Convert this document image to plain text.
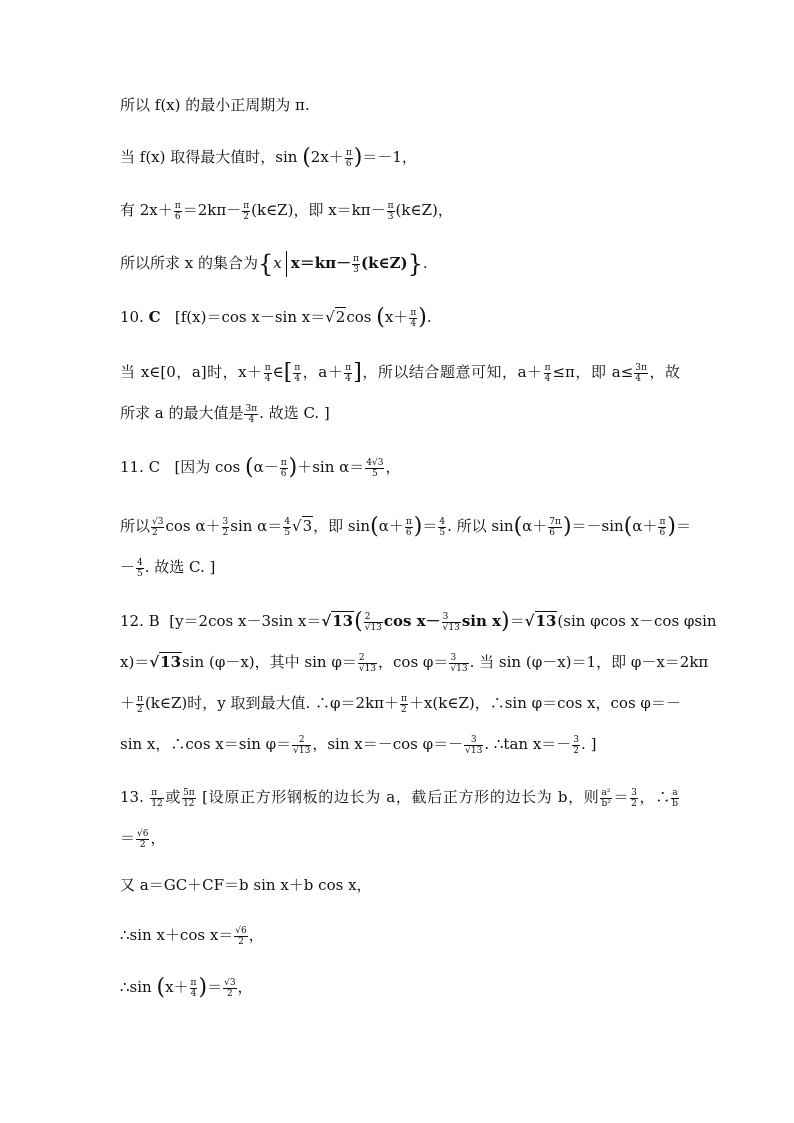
所以 f(x) 的最小正周期为 π.
当 f(x) 取得最大值时，$\sin (2x+ \frac{\pi}{6} )=-1$，
有 $2x+ \frac{\pi}{6} =2k\pi- \frac{\pi}{2}$ (k∈Z)，即 $x=k\pi- \frac{\pi}{3}$ (k∈Z)，
所以所求 x 的集合为{x $x=k\pi- \frac{\pi}{3}$ (k∈Z)}.
10. C [f(x)＝cos x－sin x＝√2cos ($x+ \frac{\pi}{4}$ ).
当 x∈[0，a]时，$x+ \frac{\pi}{4}$ ∈[ $\frac{\pi}{4}$ ，$a+ \frac{\pi}{4}$ ]，所以结合题意可知，$a+ \frac{\pi}{4} \le\pi$，即 $a\le \frac{3\pi}{4}$ ，故
所求 a 的最大值是 $\frac{3\pi}{4}$ . 故选 C. ]
11. C [因为 $\cos (\alpha- \frac{\pi}{6} )+\sin$ $\alpha= \frac{4√3}{5}$ ，
所以 $\frac{√3}{2}$ $\cos \alpha+ \frac{3}{2}$ $\sin \alpha= \frac{4}{5} √3$，即 $\sin(\alpha+ \frac{\pi}{6}$ )＝ $\frac{4}{5}$ . 所以 $\sin(\alpha+ \frac{7\pi}{6} )=-\sin(\alpha+ \frac{\pi}{6}$ )＝
－ $\frac{4}{5}$ . 故选 C. ]
12. B [y＝2cos x－3sin $x=√13( \frac{2}{√13}$ $\cos x- \frac{3}{√13}$ sin x)＝√13(sin φcos x－cos φsin
x)＝√13sin (φ－x)，其中 $\sin \varphi= \frac{2}{√13}$ ，$\cos \varphi= \frac{3}{√13}$ . 当 sin (φ－x)＝1，即 φ－x＝2kπ
＋ $\frac{\pi}{2}$ (k∈Z)时，y 取到最大值. ∴φ＝2kπ＋ $\frac{\pi}{2}$ ＋x(k∈Z)，∴sin φ＝cos x，cos φ＝－
sin x，∴cos x＝sin $\varphi= \frac{2}{√13}$ ，sin x＝－cos $\varphi=- \frac{3}{√13}$ . ∴tan $x=- \frac{3}{2}$ . ]
13. $\frac{\pi}{12}$ 或 $\frac{5\pi}{12}$ [设原正方形钢板的边长为 a，截后正方形的边长为 b，则 $\frac{\text{a²}}{\text{b²}} = \frac{3}{2}$ ，∴ $\frac{a}{b}$
＝ $\frac{√6}{2}$ ，
又 a＝GC＋CF＝b sin x＋b cos x，
∴sin x＋cos $x= \frac{√6}{2}$ ，
∴sin ($x+ \frac{\pi}{4}$ )＝ $\frac{√3}{2}$ ，
